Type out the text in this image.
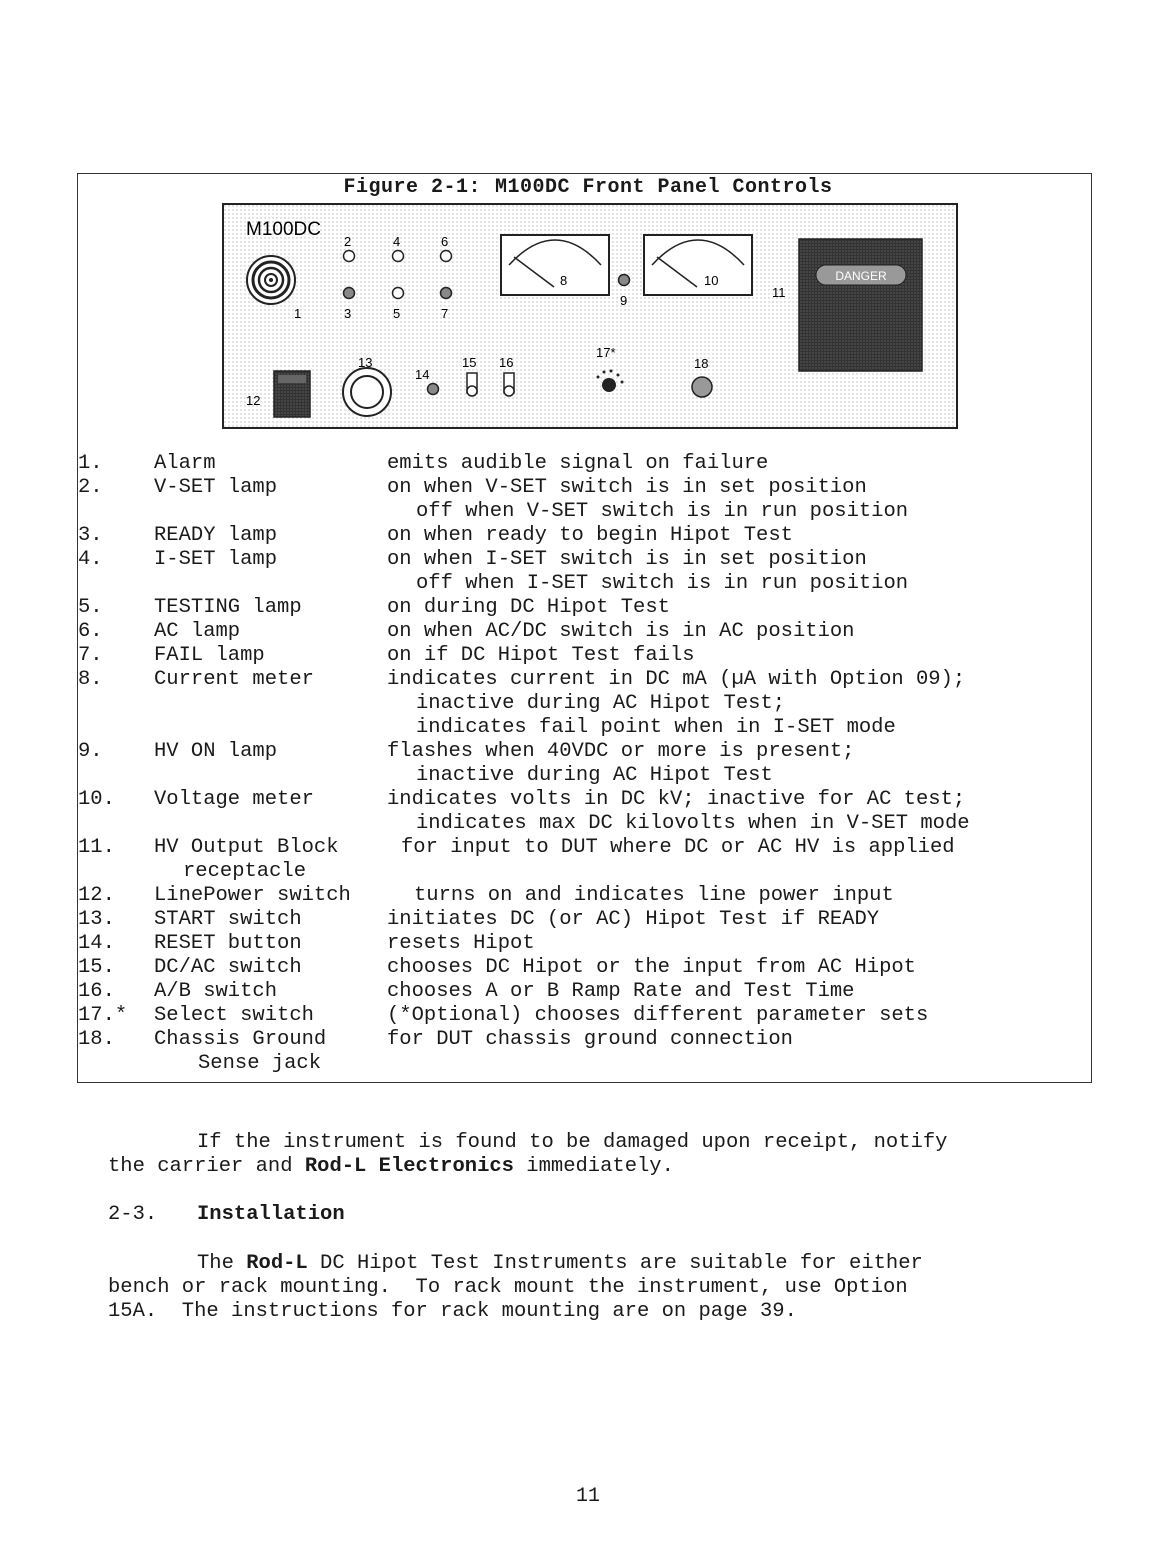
Figure 2-1: M100DC Front Panel Controls
M100DC
1
2	4	6
3	5	7
8
9
10
11
DANGER
12
13
14
15 16
17*
18
1.	Alarm	emits audible signal on failure
2.	V-SET lamp	on when V-SET switch is in set position
off when V-SET switch is in run position
3.	READY lamp	on when ready to begin Hipot Test
4.	I-SET lamp	on when I-SET switch is in set position
off when I-SET switch is in run position
5.	TESTING lamp	on during DC Hipot Test
6.	AC lamp	on when AC/DC switch is in AC position
7.	FAIL lamp	on if DC Hipot Test fails
8.	Current meter	indicates current in DC mA (µA with Option 09);
inactive during AC Hipot Test;
indicates fail point when in I-SET mode
9.	HV ON lamp	flashes when 40VDC or more is present;
inactive during AC Hipot Test
10. Voltage meter	indicates volts in DC kV; inactive for AC test;
indicates max DC kilovolts when in V-SET mode
11. HV Output Block	for input to DUT where DC or AC HV is applied
receptacle
12. LinePower switch	turns on and indicates line power input
13. START switch	initiates DC (or AC) Hipot Test if READY
14. RESET button	resets Hipot
15. DC/AC switch	chooses DC Hipot or the input from AC Hipot
16. A/B switch	chooses A or B Ramp Rate and Test Time
17.* Select switch	(*Optional) chooses different parameter sets
18. Chassis Ground	for DUT chassis ground connection
Sense jack
If the instrument is found to be damaged upon receipt, notify
the carrier and Rod-L Electronics immediately.
2-3. Installation
The Rod-L DC Hipot Test Instruments are suitable for either
bench or rack mounting.  To rack mount the instrument, use Option
15A.  The instructions for rack mounting are on page 39.
11
